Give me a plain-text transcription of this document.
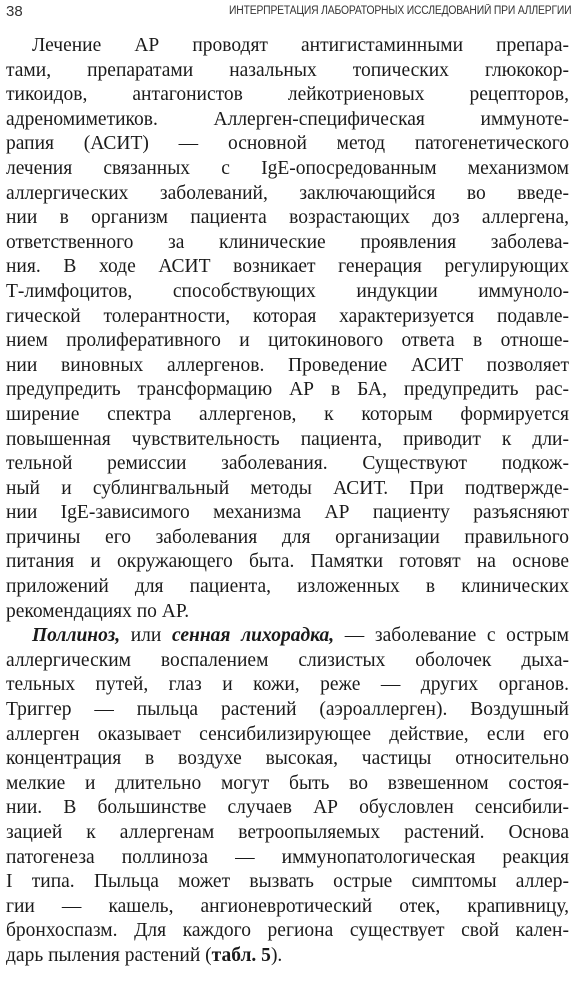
38	ИНТЕРПРЕТАЦИЯ ЛАБОРАТОРНЫХ ИССЛЕДОВАНИЙ ПРИ АЛЛЕРГИИ
Лечение АР проводят антигистаминными препара-
тами, препаратами назальных топических глюкокор-
тикоидов, антагонистов лейкотриеновых рецепторов,
адреномиметиков. Аллерген-специфическая иммуноте-
рапия (АСИТ) — основной метод патогенетического
лечения связанных с IgE-опосредованным механизмом
аллергических заболеваний, заключающийся во введе-
нии в организм пациента возрастающих доз аллергена,
ответственного за клинические проявления заболева-
ния. В ходе АСИТ возникает генерация регулирующих
Т-лимфоцитов, способствующих индукции иммуноло-
гической толерантности, которая характеризуется подавле-
нием пролиферативного и цитокинового ответа в отноше-
нии виновных аллергенов. Проведение АСИТ позволяет
предупредить трансформацию АР в БА, предупредить рас-
ширение спектра аллергенов, к которым формируется
повышенная чувствительность пациента, приводит к дли-
тельной ремиссии заболевания. Существуют подкож-
ный и сублингвальный методы АСИТ. При подтвержде-
нии IgE-зависимого механизма АР пациенту разъясняют
причины его заболевания для организации правильного
питания и окружающего быта. Памятки готовят на основе
приложений для пациента, изложенных в клинических
рекомендациях по АР.
Поллиноз, или сенная лихорадка, — заболевание с острым
аллергическим воспалением слизистых оболочек дыха-
тельных путей, глаз и кожи, реже — других органов.
Триггер — пыльца растений (аэроаллерген). Воздушный
аллерген оказывает сенсибилизирующее действие, если его
концентрация в воздухе высокая, частицы относительно
мелкие и длительно могут быть во взвешенном состоя-
нии. В большинстве случаев АР обусловлен сенсибили-
зацией к аллергенам ветроопыляемых растений. Основа
патогенеза поллиноза — иммунопатологическая реакция
I типа. Пыльца может вызвать острые симптомы аллер-
гии — кашель, ангионевротический отек, крапивницу,
бронхоспазм. Для каждого региона существует свой кален-
дарь пыления растений (табл. 5).
